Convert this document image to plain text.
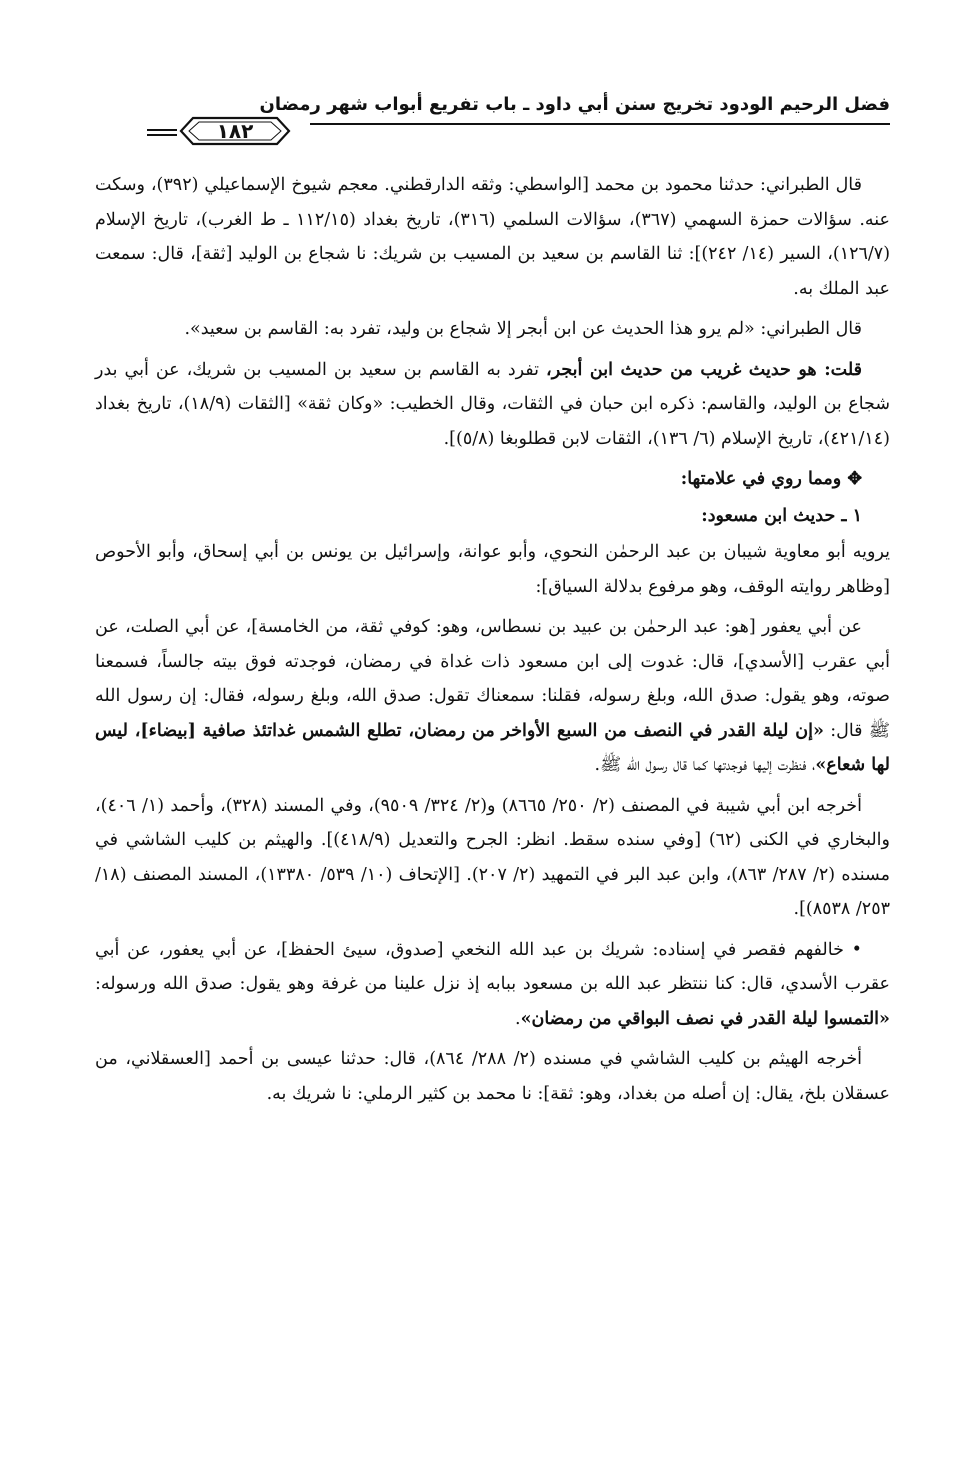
فضل الرحيم الودود تخريج سنن أبي داود ـ باب تفريع أبواب شهر رمضان
١٨٢

قال الطبراني: حدثنا محمود بن محمد [الواسطي: وثقه الدارقطني. معجم شيوخ الإسماعيلي (٣٩٢)، وسكت عنه. سؤالات حمزة السهمي (٣٦٧)، سؤالات السلمي (٣١٦)، تاريخ بغداد (١١٢/١٥ ـ ط الغرب)، تاريخ الإسلام (١٢٦/٧)، السير (١٤/ ٢٤٢)]: ثنا القاسم بن سعيد بن المسيب بن شريك: نا شجاع بن الوليد [ثقة]، قال: سمعت عبد الملك به.

قال الطبراني: «لم يرو هذا الحديث عن ابن أبجر إلا شجاع بن وليد، تفرد به: القاسم بن سعيد».

قلت: هو حديث غريب من حديث ابن أبجر، تفرد به القاسم بن سعيد بن المسيب بن شريك، عن أبي بدر شجاع بن الوليد، والقاسم: ذكره ابن حبان في الثقات، وقال الخطيب: «وكان ثقة» [الثقات (١٨/٩)، تاريخ بغداد (٤٢١/١٤)، تاريخ الإسلام (٦/ ١٣٦)، الثقات لابن قطلوبغا (٥/٨)].

✥ ومما روي في علامتها:

١ ـ حديث ابن مسعود:

يرويه أبو معاوية شيبان بن عبد الرحمٰن النحوي، وأبو عوانة، وإسرائيل بن يونس بن أبي إسحاق، وأبو الأحوص [وظاهر روايته الوقف، وهو مرفوع بدلالة السياق]:

عن أبي يعفور [هو: عبد الرحمٰن بن عبيد بن نسطاس، وهو: كوفي ثقة، من الخامسة]، عن أبي الصلت، عن أبي عقرب [الأسدي]، قال: غدوت إلى ابن مسعود ذات غداة في رمضان، فوجدته فوق بيته جالساً، فسمعنا صوته، وهو يقول: صدق الله، وبلغ رسوله، فقلنا: سمعناك تقول: صدق الله، وبلغ رسوله، فقال: إن رسول الله ﷺ قال: «إن ليلة القدر في النصف من السبع الأواخر من رمضان، تطلع الشمس غداتئذ صافية [بيضاء]، ليس لها شعاع»، فنظرت إليها فوجدتها كما قال رسول الله ﷺ.

أخرجه ابن أبي شيبة في المصنف (٢/ ٢٥٠/ ٨٦٦٥) و(٢/ ٣٢٤/ ٩٥٠٩)، وفي المسند (٣٢٨)، وأحمد (١/ ٤٠٦)، والبخاري في الكنى (٦٢) [وفي سنده سقط. انظر: الجرح والتعديل (٤١٨/٩)]. والهيثم بن كليب الشاشي في مسنده (٢/ ٢٨٧/ ٨٦٣)، وابن عبد البر في التمهيد (٢/ ٢٠٧). [الإتحاف (١٠/ ٥٣٩/ ١٣٣٨٠)، المسند المصنف (١٨/ ٢٥٣/ ٨٥٣٨)].

• خالفهم فقصر في إسناده: شريك بن عبد الله النخعي [صدوق، سيئ الحفظ]، عن أبي يعفور، عن أبي عقرب الأسدي، قال: كنا ننتظر عبد الله بن مسعود ببابه إذ نزل علينا من غرفة وهو يقول: صدق الله ورسوله: «التمسوا ليلة القدر في نصف البواقي من رمضان».

أخرجه الهيثم بن كليب الشاشي في مسنده (٢/ ٢٨٨/ ٨٦٤)، قال: حدثنا عيسى بن أحمد [العسقلاني، من عسقلان بلخ، يقال: إن أصله من بغداد، وهو: ثقة]: نا محمد بن كثير الرملي: نا شريك به.
